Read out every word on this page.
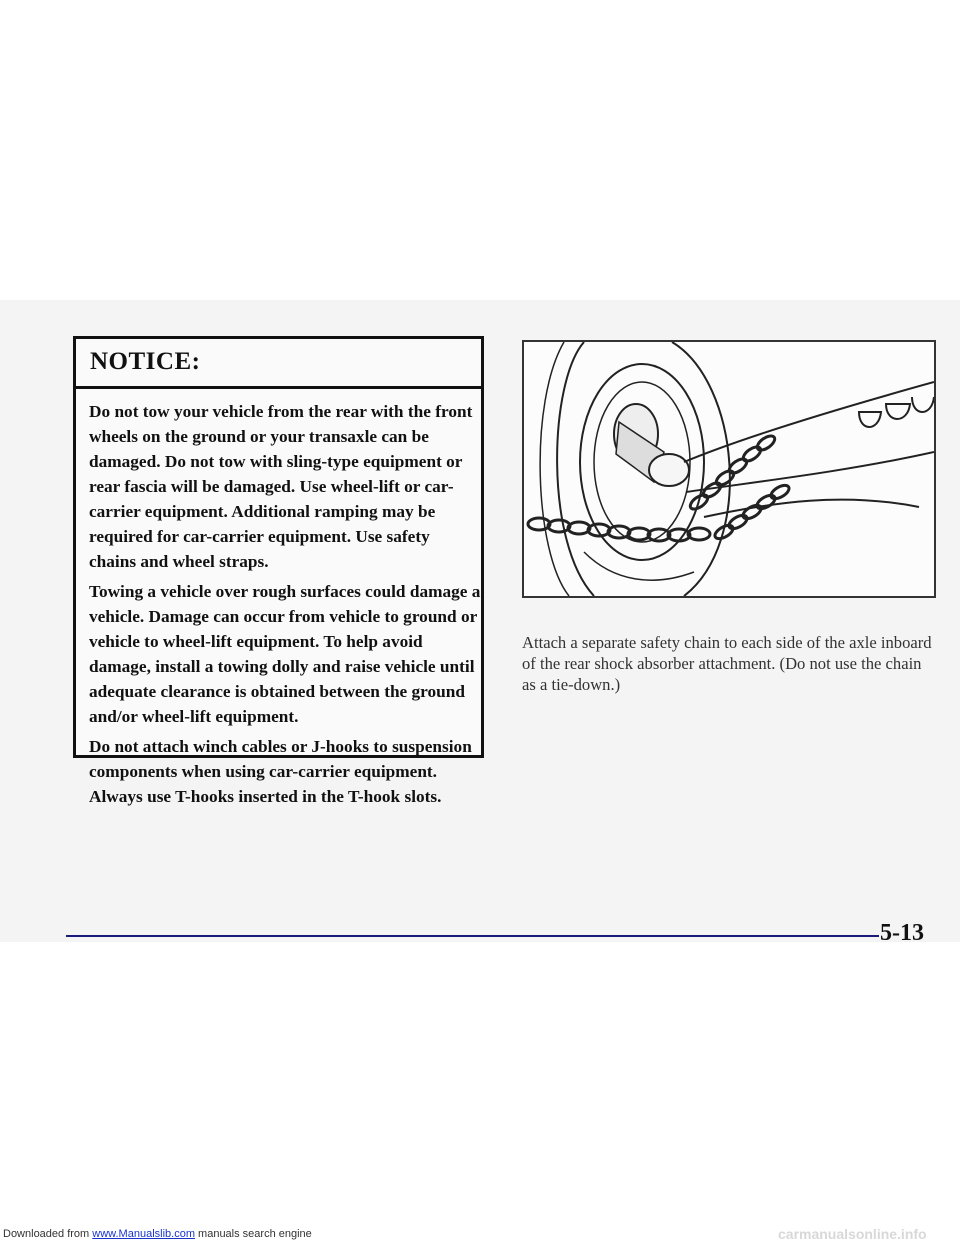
NOTICE:

Do not tow your vehicle from the rear with the front wheels on the ground or your transaxle can be damaged. Do not tow with sling-type equipment or rear fascia will be damaged. Use wheel-lift or car-carrier equipment. Additional ramping may be required for car-carrier equipment. Use safety chains and wheel straps.

Towing a vehicle over rough surfaces could damage a vehicle. Damage can occur from vehicle to ground or vehicle to wheel-lift equipment. To help avoid damage, install a towing dolly and raise vehicle until adequate clearance is obtained between the ground and/or wheel-lift equipment.

Do not attach winch cables or J-hooks to suspension components when using car-carrier equipment. Always use T-hooks inserted in the T-hook slots.

Attach a separate safety chain to each side of the axle inboard of the rear shock absorber attachment. (Do not use the chain as a tie-down.)
5-13
Downloaded from www.Manualslib.com manuals search engine	carmanualsonline.info
